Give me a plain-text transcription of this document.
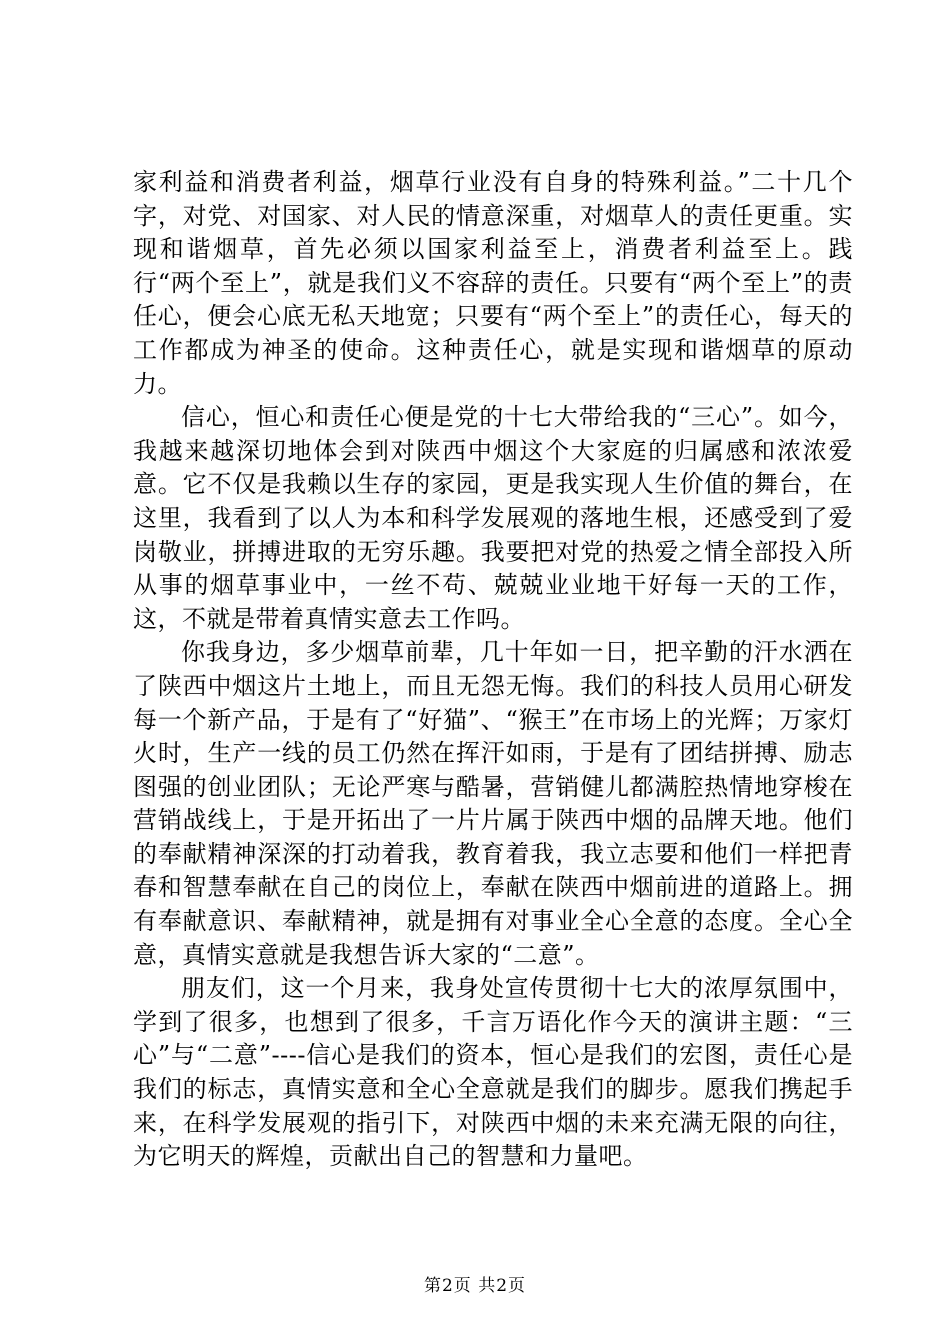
家利益和消费者利益，烟草行业没有自身的特殊利益。”二十几个字，对党、对国家、对人民的情意深重，对烟草人的责任更重。实现和谐烟草，首先必须以国家利益至上，消费者利益至上。践行“两个至上”，就是我们义不容辞的责任。只要有“两个至上”的责任心，便会心底无私天地宽；只要有“两个至上”的责任心，每天的工作都成为神圣的使命。这种责任心，就是实现和谐烟草的原动力。

信心，恒心和责任心便是党的十七大带给我的“三心”。如今，我越来越深切地体会到对陕西中烟这个大家庭的归属感和浓浓爱意。它不仅是我赖以生存的家园，更是我实现人生价值的舞台，在这里，我看到了以人为本和科学发展观的落地生根，还感受到了爱岗敬业，拼搏进取的无穷乐趣。我要把对党的热爱之情全部投入所从事的烟草事业中，一丝不苟、兢兢业业地干好每一天的工作，这，不就是带着真情实意去工作吗。

你我身边，多少烟草前辈，几十年如一日，把辛勤的汗水洒在了陕西中烟这片土地上，而且无怨无悔。我们的科技人员用心研发每一个新产品，于是有了“好猫”、“猴王”在市场上的光辉；万家灯火时，生产一线的员工仍然在挥汗如雨，于是有了团结拼搏、励志图强的创业团队；无论严寒与酷暑，营销健儿都满腔热情地穿梭在营销战线上，于是开拓出了一片片属于陕西中烟的品牌天地。他们的奉献精神深深的打动着我，教育着我，我立志要和他们一样把青春和智慧奉献在自己的岗位上，奉献在陕西中烟前进的道路上。拥有奉献意识、奉献精神，就是拥有对事业全心全意的态度。全心全意，真情实意就是我想告诉大家的“二意”。

朋友们，这一个月来，我身处宣传贯彻十七大的浓厚氛围中，学到了很多，也想到了很多，千言万语化作今天的演讲主题：“三心”与“二意”----信心是我们的资本，恒心是我们的宏图，责任心是我们的标志，真情实意和全心全意就是我们的脚步。愿我们携起手来，在科学发展观的指引下，对陕西中烟的未来充满无限的向往，为它明天的辉煌，贡献出自己的智慧和力量吧。

第2页 共2页
